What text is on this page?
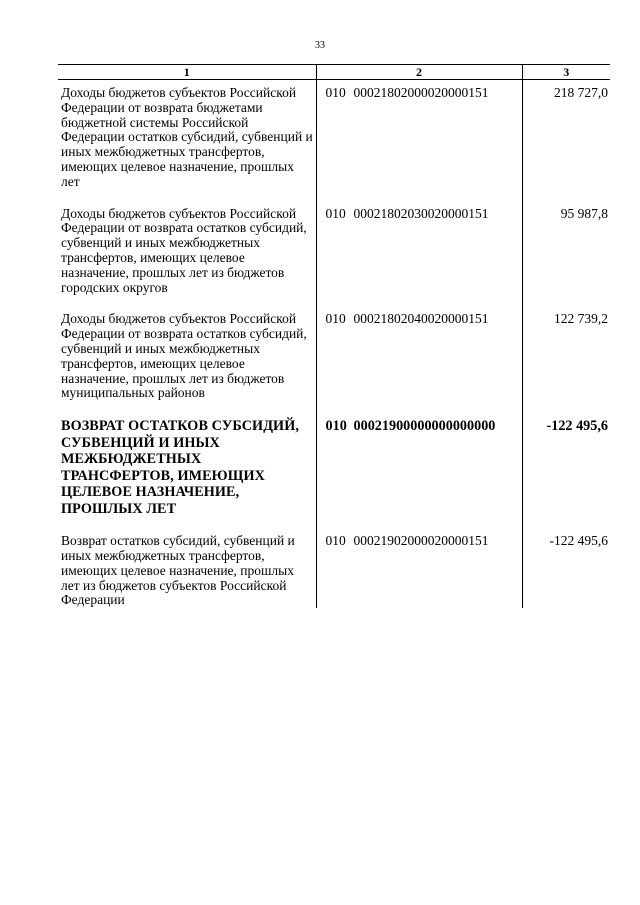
33
1	2	3
Доходы бюджетов субъектов Российской Федерации от возврата бюджетами бюджетной системы Российской Федерации остатков субсидий, субвенций и иных межбюджетных трансфертов, имеющих целевое назначение, прошлых лет	010 00021802000020000151	218 727,0
Доходы бюджетов субъектов Российской Федерации от возврата остатков субсидий, субвенций и иных межбюджетных трансфертов, имеющих целевое назначение, прошлых лет из бюджетов городских округов	010 00021802030020000151	95 987,8
Доходы бюджетов субъектов Российской Федерации от возврата остатков субсидий, субвенций и иных межбюджетных трансфертов, имеющих целевое назначение, прошлых лет из бюджетов муниципальных районов	010 00021802040020000151	122 739,2
ВОЗВРАТ ОСТАТКОВ СУБСИДИЙ, СУБВЕНЦИЙ И ИНЫХ МЕЖБЮДЖЕТНЫХ ТРАНСФЕРТОВ, ИМЕЮЩИХ ЦЕЛЕВОЕ НАЗНАЧЕНИЕ, ПРОШЛЫХ ЛЕТ	010 00021900000000000000	-122 495,6
Возврат остатков субсидий, субвенций и иных межбюджетных трансфертов, имеющих целевое назначение, прошлых лет из бюджетов субъектов Российской Федерации	010 00021902000020000151	-122 495,6
